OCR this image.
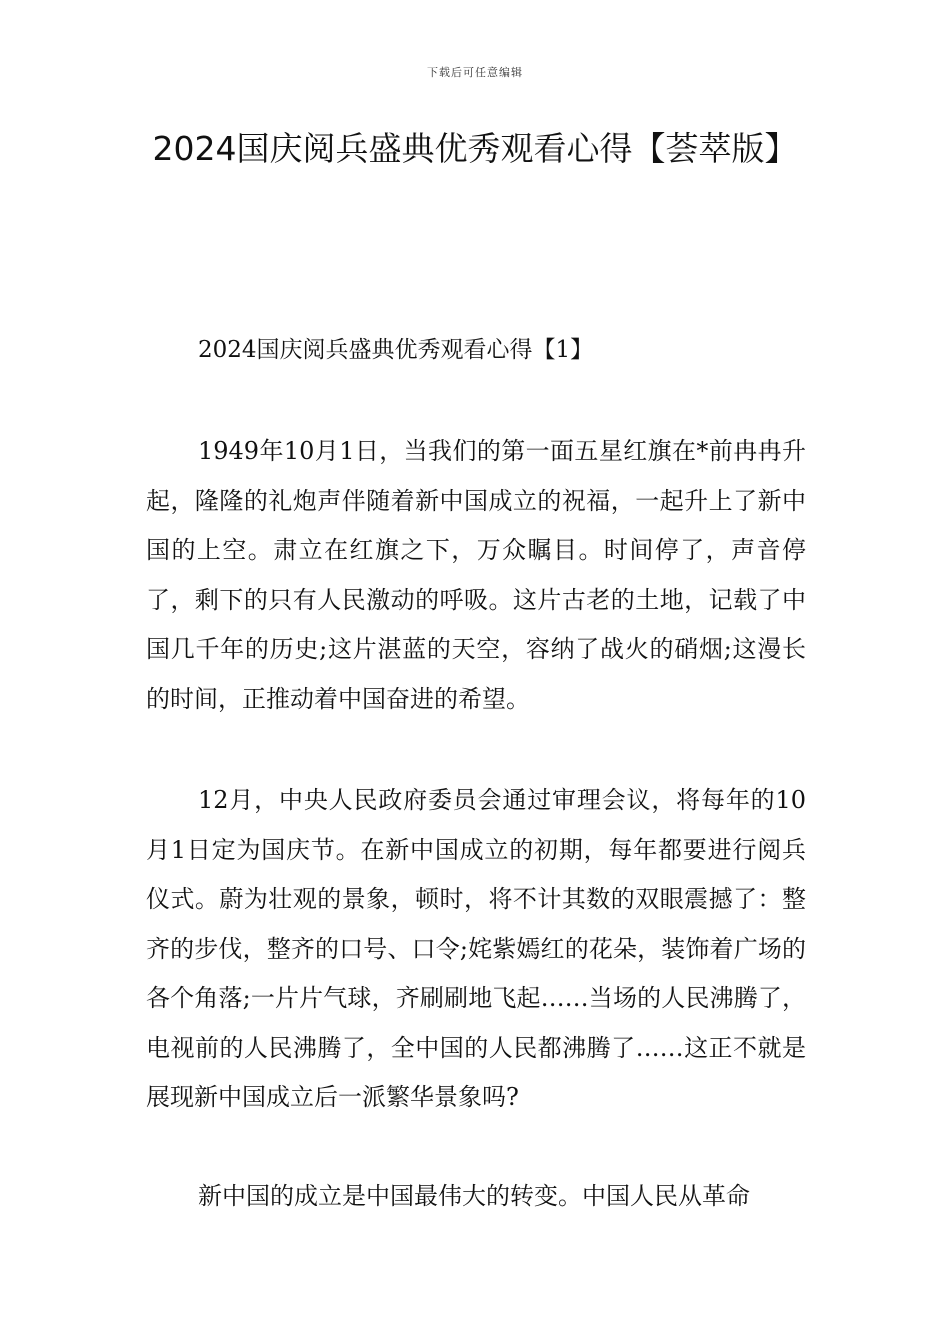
下载后可任意编辑
2024国庆阅兵盛典优秀观看心得【荟萃版】
2024国庆阅兵盛典优秀观看心得【1】

1949年10月1日，当我们的第一面五星红旗在*前冉冉升起，隆隆的礼炮声伴随着新中国成立的祝福，一起升上了新中国的上空。肃立在红旗之下，万众瞩目。时间停了，声音停了，剩下的只有人民激动的呼吸。这片古老的土地，记载了中国几千年的历史;这片湛蓝的天空，容纳了战火的硝烟;这漫长的时间，正推动着中国奋进的希望。

12月，中央人民政府委员会通过审理会议，将每年的10月1日定为国庆节。在新中国成立的初期，每年都要进行阅兵仪式。蔚为壮观的景象，顿时，将不计其数的双眼震撼了：整齐的步伐，整齐的口号、口令;姹紫嫣红的花朵，装饰着广场的各个角落;一片片气球，齐刷刷地飞起……当场的人民沸腾了，电视前的人民沸腾了，全中国的人民都沸腾了……这正不就是展现新中国成立后一派繁华景象吗?

新中国的成立是中国最伟大的转变。中国人民从革命
